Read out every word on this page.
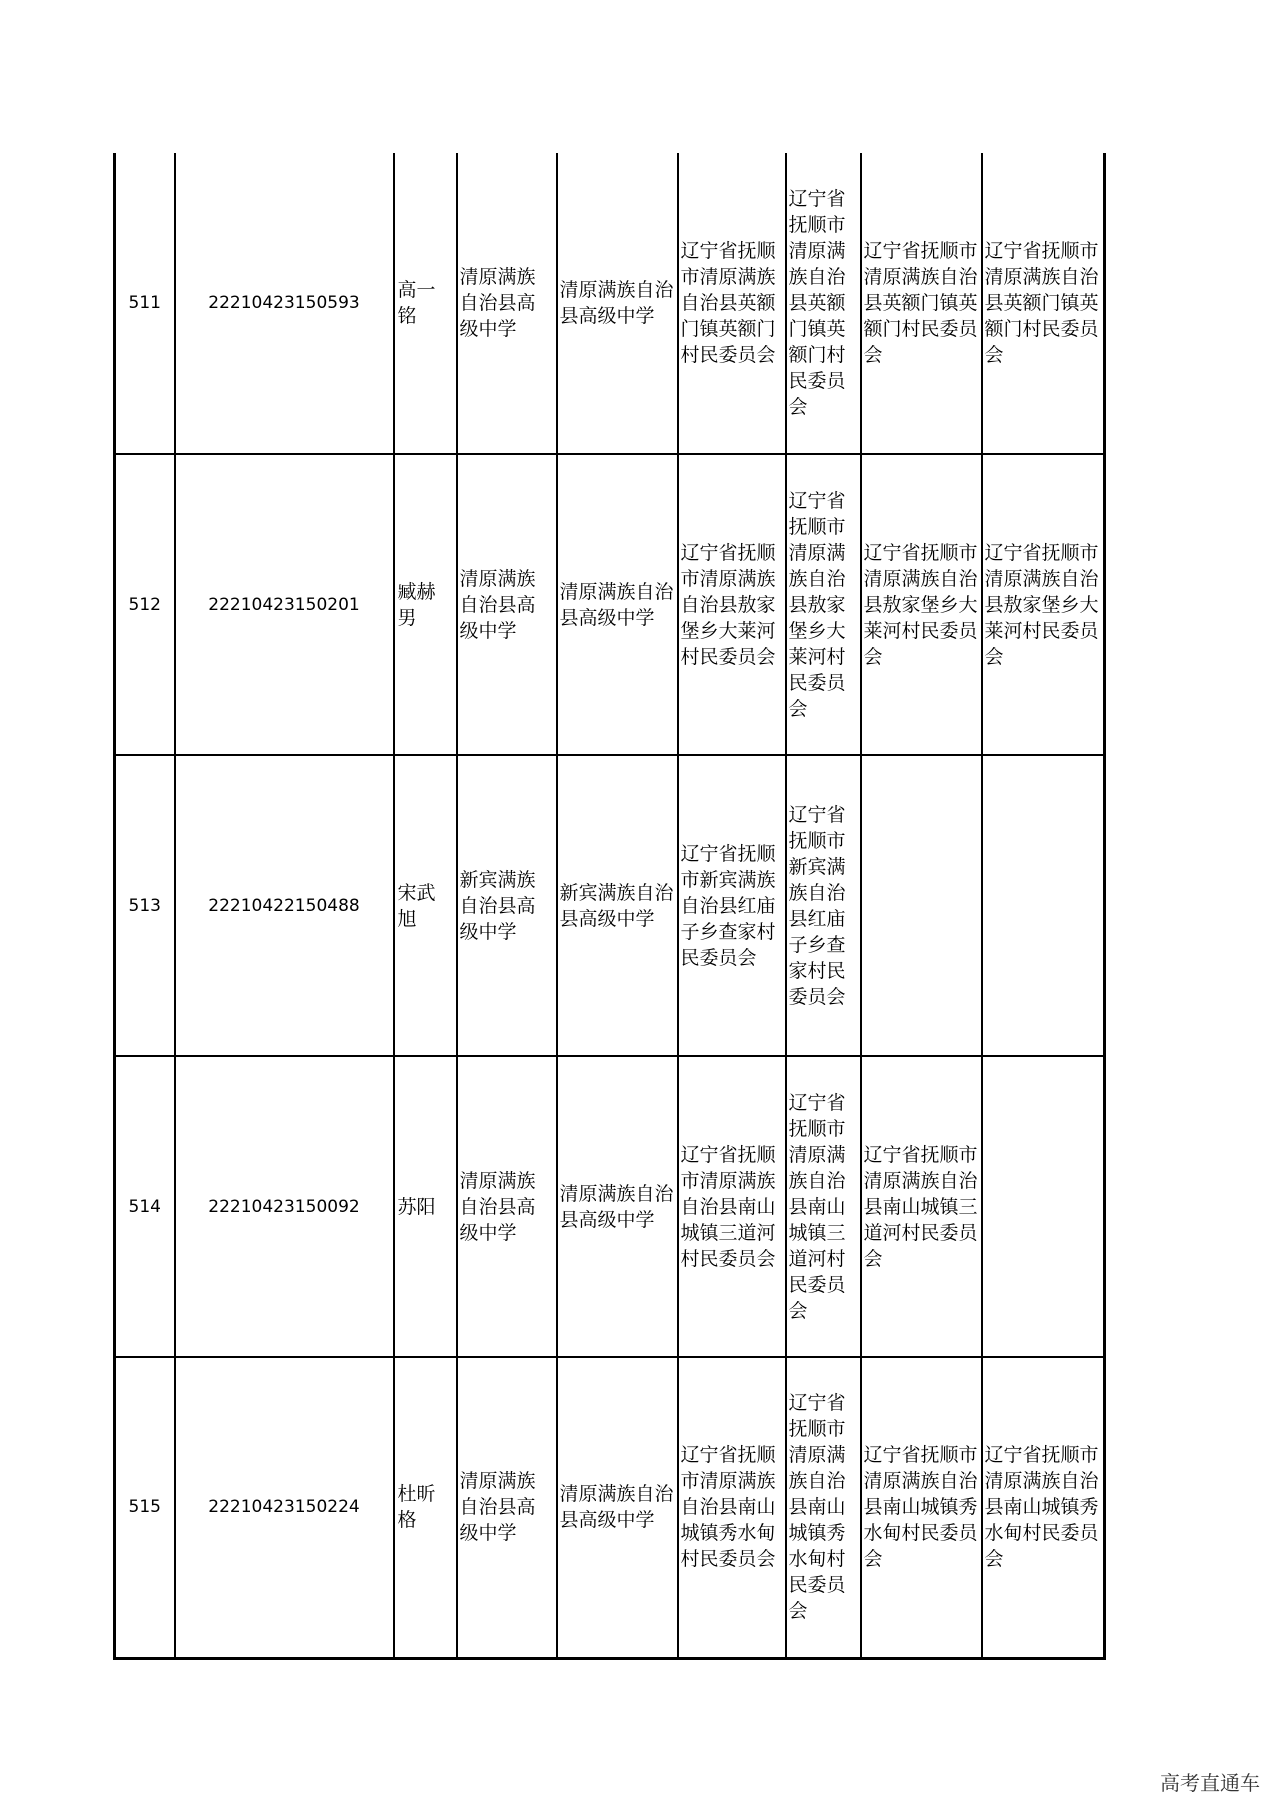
511	22210423150593	高一铭	清原满族自治县高级中学	清原满族自治县高级中学	辽宁省抚顺市清原满族自治县英额门镇英额门村民委员会	辽宁省抚顺市清原满族自治县英额门镇英额门村民委员会	辽宁省抚顺市清原满族自治县英额门镇英额门村民委员会	辽宁省抚顺市清原满族自治县英额门镇英额门村民委员会
512	22210423150201	臧赫男	清原满族自治县高级中学	清原满族自治县高级中学	辽宁省抚顺市清原满族自治县敖家堡乡大莱河村民委员会	辽宁省抚顺市清原满族自治县敖家堡乡大莱河村民委员会	辽宁省抚顺市清原满族自治县敖家堡乡大莱河村民委员会	辽宁省抚顺市清原满族自治县敖家堡乡大莱河村民委员会
513	22210422150488	宋武旭	新宾满族自治县高级中学	新宾满族自治县高级中学	辽宁省抚顺市新宾满族自治县红庙子乡查家村民委员会	辽宁省抚顺市新宾满族自治县红庙子乡查家村民委员会		
514	22210423150092	苏阳	清原满族自治县高级中学	清原满族自治县高级中学	辽宁省抚顺市清原满族自治县南山城镇三道河村民委员会	辽宁省抚顺市清原满族自治县南山城镇三道河村民委员会	辽宁省抚顺市清原满族自治县南山城镇三道河村民委员会	
515	22210423150224	杜昕格	清原满族自治县高级中学	清原满族自治县高级中学	辽宁省抚顺市清原满族自治县南山城镇秀水甸村民委员会	辽宁省抚顺市清原满族自治县南山城镇秀水甸村民委员会	辽宁省抚顺市清原满族自治县南山城镇秀水甸村民委员会	辽宁省抚顺市清原满族自治县南山城镇秀水甸村民委员会
高考直通车
